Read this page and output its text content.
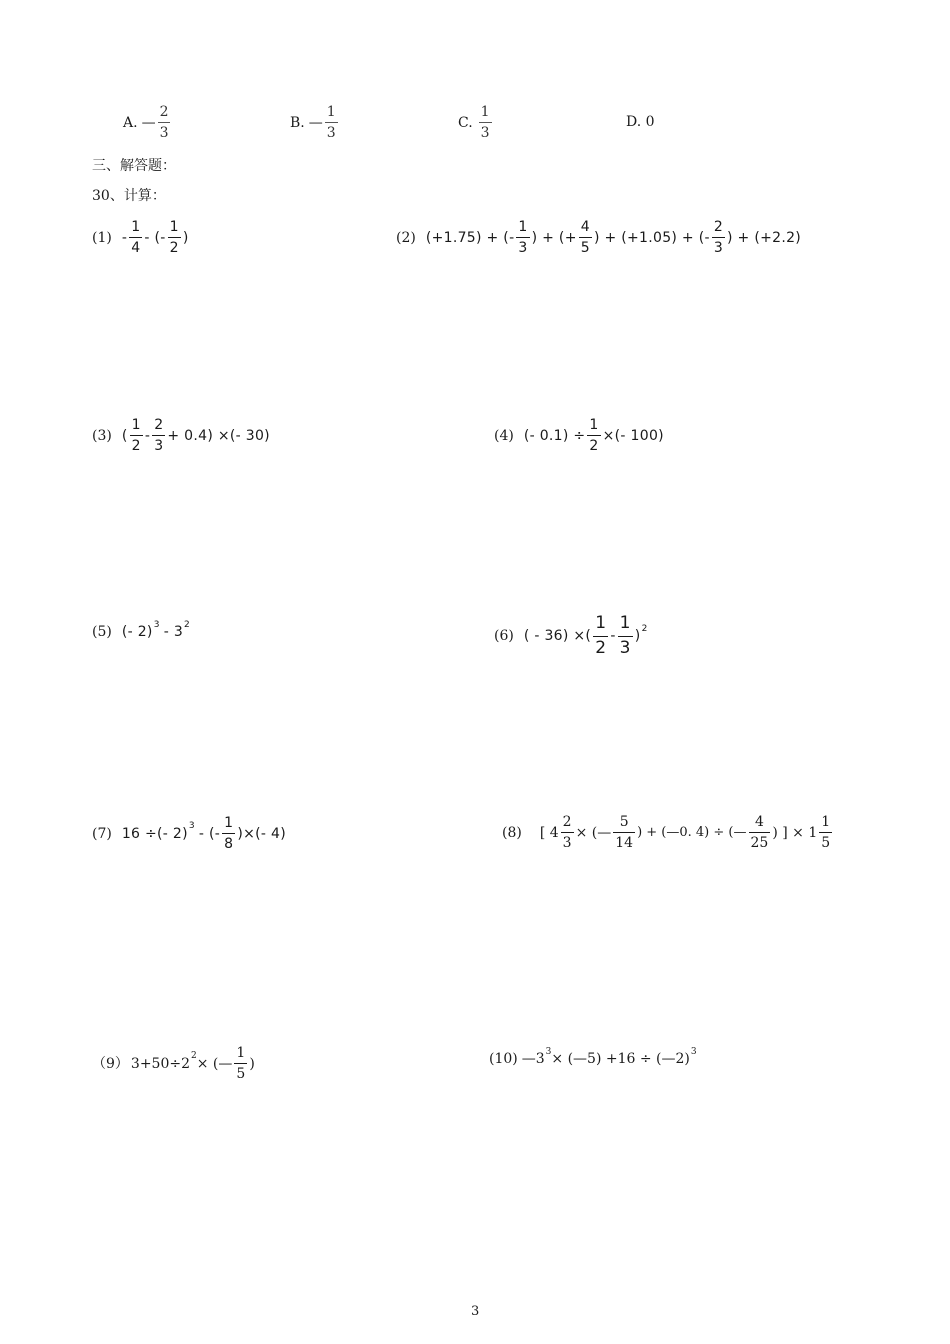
A. — $\frac{2}{3}$	B. — $\frac{1}{3}$	C. $\frac{1}{3}$	D. 0
三、解答题：
30、计算：
$(1) - \frac{1}{4}$ - (- $\frac{1}{2}$ )	(2) (+1.75) + (- $\frac{1}{3}$ ) + (+ $\frac{4}{5}$ ) + (+1.05) + (- $\frac{2}{3}$ ) + (+2.2)
(3) ( $\frac{1}{2} - \frac{2}{3} + 0.4$) ×(- 30)	(4) (- $0.1) \div \frac{1}{2}$ ×(- 100)
(5) (- 2) 3 - 3 2
(6) ( - 36) ×( $\frac{1}{2} - \frac{1}{3}$ ) 2
(7) 16 ÷(- 2) 3 - (- $\frac{1}{8}$ )×(- 4)	(8) [ $4 \frac{2}{3}$ × (— $\frac{5}{14}$ ) + (—0. 4) ÷ (— $\frac{4}{25}$ ) ] × $1 \frac{1}{5}$
（9） 3+50÷2 2 × (— $\frac{1}{5}$ )	(10) —3 3 × (—5) +16 ÷ (—2) 3
3
